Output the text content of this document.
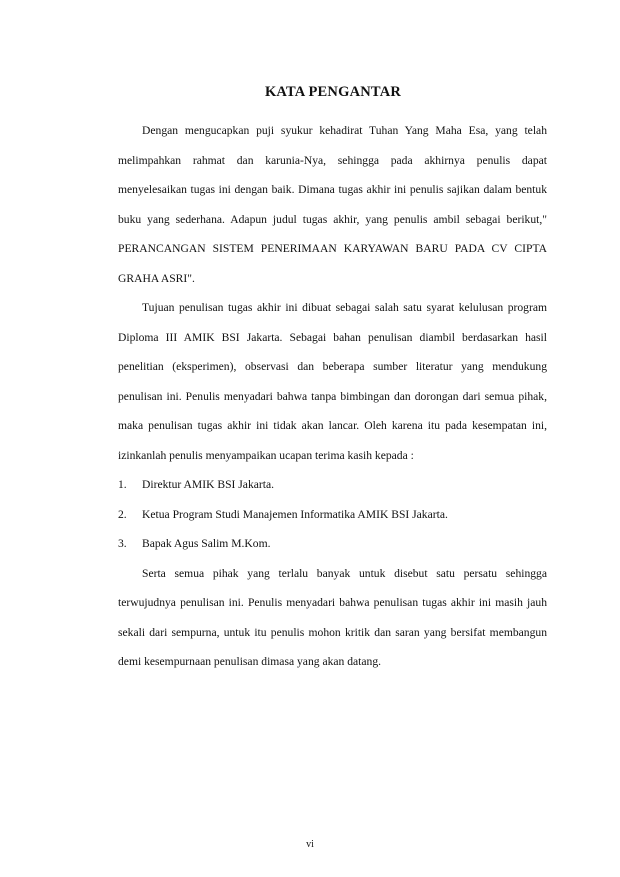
KATA PENGANTAR

Dengan mengucapkan puji syukur kehadirat Tuhan Yang Maha Esa, yang telah melimpahkan rahmat dan karunia-Nya, sehingga pada akhirnya penulis dapat menyelesaikan tugas ini dengan baik. Dimana tugas akhir ini penulis sajikan dalam bentuk buku yang sederhana. Adapun judul tugas akhir, yang penulis ambil sebagai berikut," PERANCANGAN SISTEM PENERIMAAN KARYAWAN BARU PADA CV CIPTA GRAHA ASRI".

Tujuan penulisan tugas akhir ini dibuat sebagai salah satu syarat kelulusan program Diploma III AMIK BSI Jakarta. Sebagai bahan penulisan diambil berdasarkan hasil penelitian (eksperimen), observasi dan beberapa sumber literatur yang mendukung penulisan ini. Penulis menyadari bahwa tanpa bimbingan dan dorongan dari semua pihak, maka penulisan tugas akhir ini tidak akan lancar. Oleh karena itu pada kesempatan ini, izinkanlah penulis menyampaikan ucapan terima kasih kepada :

1.	Direktur AMIK BSI Jakarta.
2.	Ketua Program Studi Manajemen Informatika AMIK BSI Jakarta.
3.	Bapak Agus Salim M.Kom.

Serta semua pihak yang terlalu banyak untuk disebut satu persatu sehingga terwujudnya penulisan ini. Penulis menyadari bahwa penulisan tugas akhir ini masih jauh sekali dari sempurna, untuk itu penulis mohon kritik dan saran yang bersifat membangun demi kesempurnaan penulisan dimasa yang akan datang.

vi
